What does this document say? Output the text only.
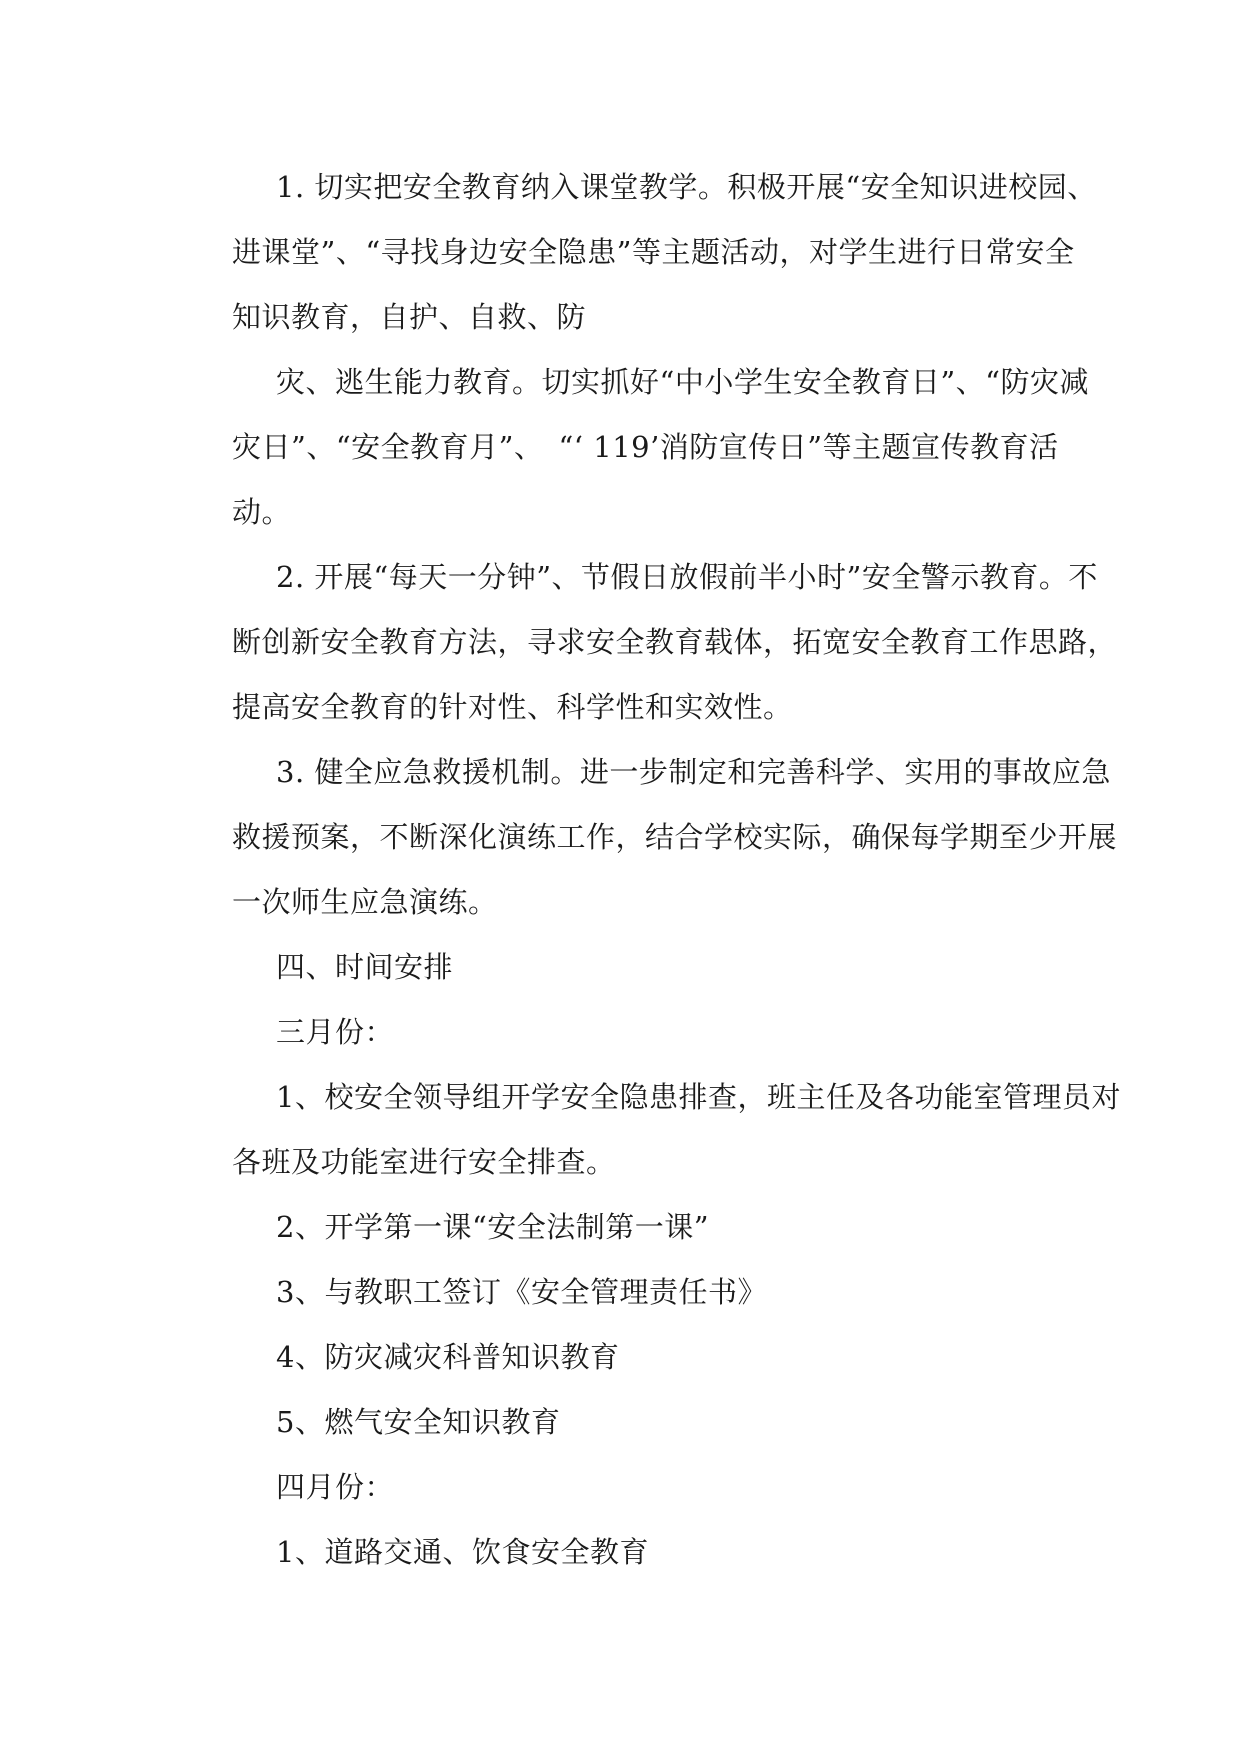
1. 切实把安全教育纳入课堂教学。积极开展“安全知识进校园、
进课堂”、“寻找身边安全隐患”等主题活动，对学生进行日常安全
知识教育，自护、自救、防
灾、逃生能力教育。切实抓好“中小学生安全教育日”、“防灾减
灾日”、“安全教育月”、　“‘ 119’消防宣传日”等主题宣传教育活
动。
2. 开展“每天一分钟”、节假日放假前半小时”安全警示教育。不
断创新安全教育方法，寻求安全教育载体，拓宽安全教育工作思路，
提高安全教育的针对性、科学性和实效性。
3. 健全应急救援机制。进一步制定和完善科学、实用的事故应急
救援预案，不断深化演练工作，结合学校实际，确保每学期至少开展
一次师生应急演练。
四、时间安排
三月份：
1、校安全领导组开学安全隐患排查，班主任及各功能室管理员对
各班及功能室进行安全排查。
2、开学第一课“安全法制第一课”
3、与教职工签订《安全管理责任书》
4、防灾减灾科普知识教育
5、燃气安全知识教育
四月份：
1、道路交通、饮食安全教育
